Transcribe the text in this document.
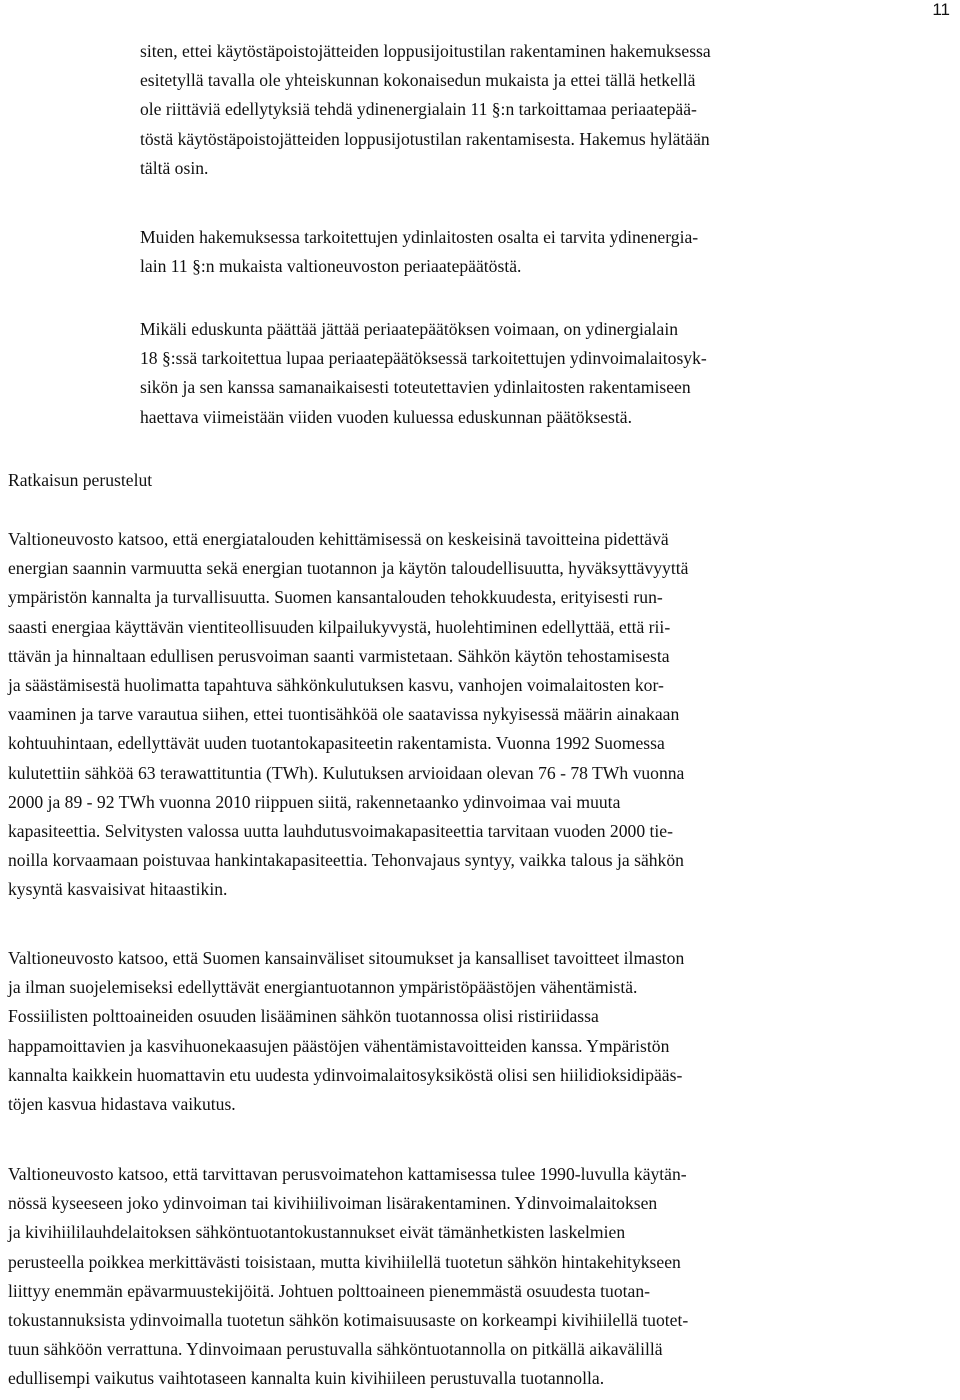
11

siten, ettei käytöstäpoistojätteiden loppusijoitustilan rakentaminen hakemuksessa
esitetyllä tavalla ole yhteiskunnan kokonaisedun mukaista ja ettei tällä hetkellä
ole riittäviä edellytyksiä tehdä ydinenergialain 11 §:n tarkoittamaa periaatepää-
töstä käytöstäpoistojätteiden loppusijotustilan rakentamisesta. Hakemus hylätään
tältä osin.

Muiden hakemuksessa tarkoitettujen ydinlaitosten osalta ei tarvita ydinenergia-
lain 11 §:n mukaista valtioneuvoston periaatepäätöstä.

Mikäli eduskunta päättää jättää periaatepäätöksen voimaan, on ydinergialain
18 §:ssä tarkoitettua lupaa periaatepäätöksessä tarkoitettujen ydinvoimalaitosyk-
sikön ja sen kanssa samanaikaisesti toteutettavien ydinlaitosten rakentamiseen
haettava viimeistään viiden vuoden kuluessa eduskunnan päätöksestä.

Ratkaisun perustelut

Valtioneuvosto katsoo, että energiatalouden kehittämisessä on keskeisinä tavoitteina pidettävä
energian saannin varmuutta sekä energian tuotannon ja käytön taloudellisuutta, hyväksyttävyyttä
ympäristön kannalta ja turvallisuutta. Suomen kansantalouden tehokkuudesta, erityisesti run-
saasti energiaa käyttävän vientiteollisuuden kilpailukyvystä, huolehtiminen edellyttää, että rii-
ttävän ja hinnaltaan edullisen perusvoiman saanti varmistetaan. Sähkön käytön tehostamisesta
ja säästämisestä huolimatta tapahtuva sähkönkulutuksen kasvu, vanhojen voimalaitosten kor-
vaaminen ja tarve varautua siihen, ettei tuontisähköä ole saatavissa nykyisessä määrin ainakaan
kohtuuhintaan, edellyttävät uuden tuotantokapasiteetin rakentamista. Vuonna 1992 Suomessa
kulutettiin sähköä 63 terawattituntia (TWh). Kulutuksen arvioidaan olevan 76 - 78 TWh vuonna
2000 ja 89 - 92 TWh vuonna 2010 riippuen siitä, rakennetaanko ydinvoimaa vai muuta
kapasiteettia. Selvitysten valossa uutta lauhdutusvoimakapasiteettia tarvitaan vuoden 2000 tie-
noilla korvaamaan poistuvaa hankintakapasiteettia. Tehonvajaus syntyy, vaikka talous ja sähkön
kysyntä kasvaisivat hitaastikin.

Valtioneuvosto katsoo, että Suomen kansainväliset sitoumukset ja kansalliset tavoitteet ilmaston
ja ilman suojelemiseksi edellyttävät energiantuotannon ympäristöpäästöjen vähentämistä.
Fossiilisten polttoaineiden osuuden lisääminen sähkön tuotannossa olisi ristiriidassa
happamoittavien ja kasvihuonekaasujen päästöjen vähentämistavoitteiden kanssa. Ympäristön
kannalta kaikkein huomattavin etu uudesta ydinvoimalaitosyksiköstä olisi sen hiilidioksidipääs-
töjen kasvua hidastava vaikutus.

Valtioneuvosto katsoo, että tarvittavan perusvoimatehon kattamisessa tulee 1990-luvulla käytän-
nössä kyseeseen joko ydinvoiman tai kivihiilivoiman lisärakentaminen. Ydinvoimalaitoksen
ja kivihiililauhdelaitoksen sähköntuotantokustannukset eivät tämänhetkisten laskelmien
perusteella poikkea merkittävästi toisistaan, mutta kivihiilellä tuotetun sähkön hintakehitykseen
liittyy enemmän epävarmuustekijöitä. Johtuen polttoaineen pienemmästä osuudesta tuotan-
tokustannuksista ydinvoimalla tuotetun sähkön kotimaisuusaste on korkeampi kivihiilellä tuotet-
tuun sähköön verrattuna. Ydinvoimaan perustuvalla sähköntuotannolla on pitkällä aikavälillä
edullisempi vaikutus vaihtotaseen kannalta kuin kivihiileen perustuvalla tuotannolla.
